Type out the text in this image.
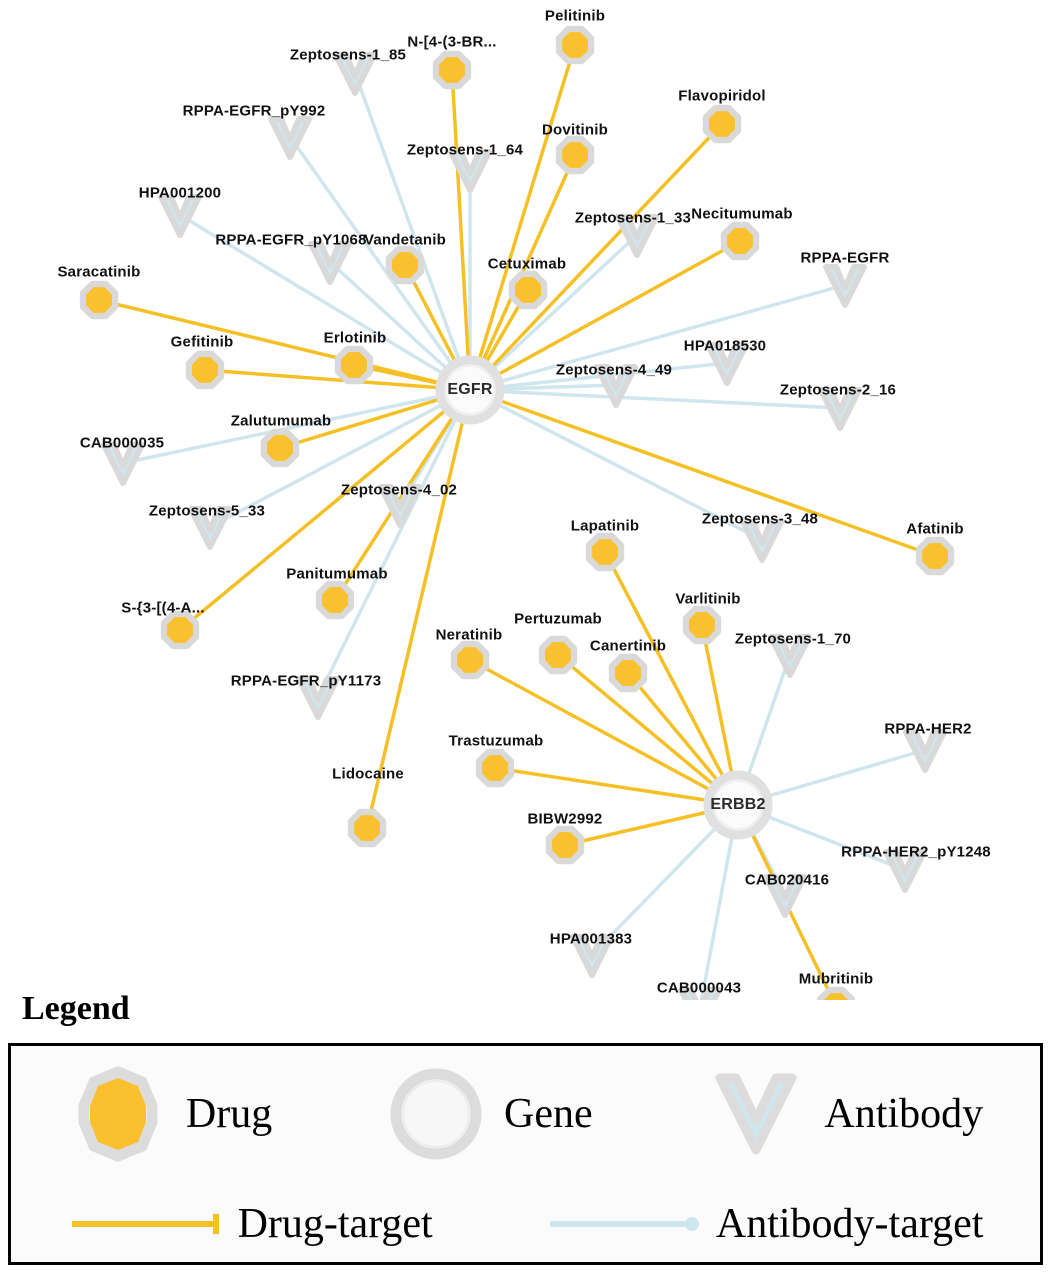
Pelitinib
N-[4-(3-BR...
Flavopiridol
Dovitinib
Necitumumab
Vandetanib
Cetuximab
Saracatinib
Erlotinib
Gefitinib
Zalutumumab
Afatinib
Lapatinib
Varlitinib
Panitumumab
S-{3-[(4-A...
Pertuzumab
Neratinib
Canertinib
Trastuzumab
Lidocaine
BIBW2992
Mubritinib
Zeptosens-1_85
RPPA-EGFR_pY992
Zeptosens-1_64
HPA001200
Zeptosens-1_33
RPPA-EGFR_pY1068
RPPA-EGFR
HPA018530
Zeptosens-4_49
Zeptosens-2_16
CAB000035
Zeptosens-5_33
Zeptosens-4_02
Zeptosens-3_48
Zeptosens-1_70
RPPA-EGFR_pY1173
RPPA-HER2
RPPA-HER2_pY1248
CAB020416
HPA001383
CAB000043
EGFR
ERBB2
Legend
Drug	Gene	Antibody
Drug-target	Antibody-target
